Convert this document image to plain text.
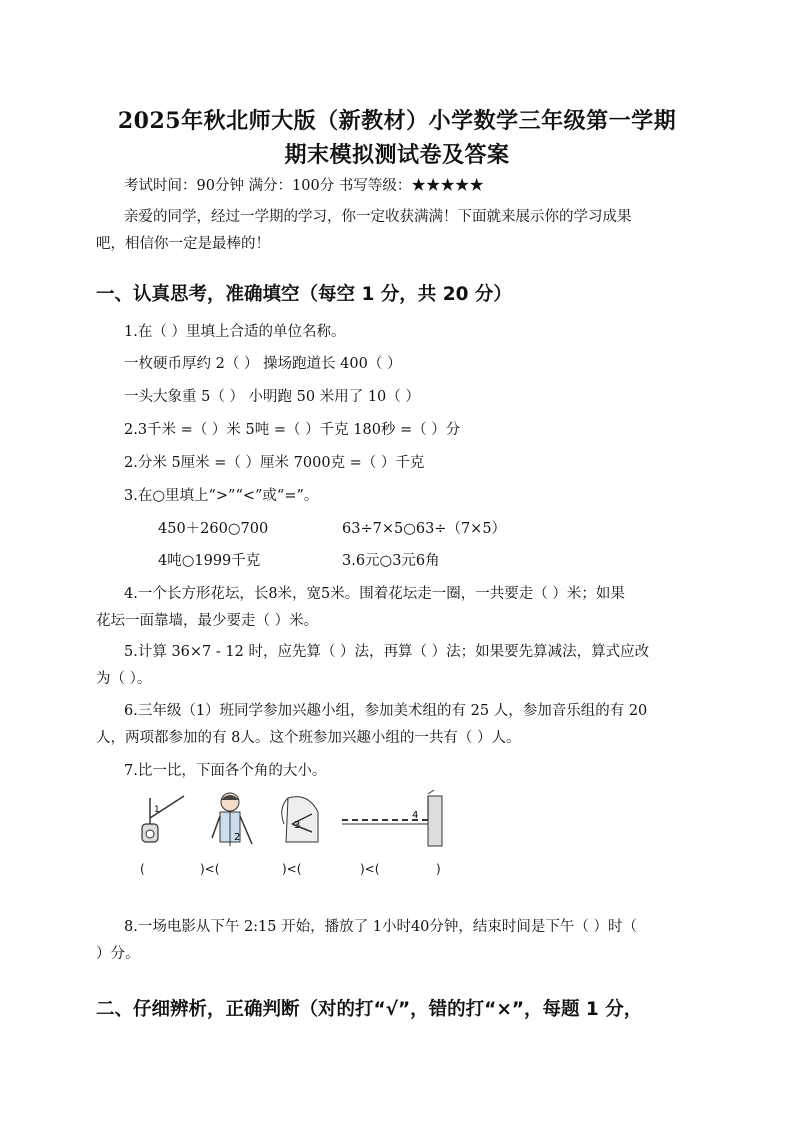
2025年秋北师大版（新教材）小学数学三年级第一学期
期末模拟测试卷及答案
考试时间：90分钟 满分：100分 书写等级：★★★★★
亲爱的同学，经过一学期的学习，你一定收获满满！下面就来展示你的学习成果
吧，相信你一定是最棒的！
一、认真思考，准确填空（每空 1 分，共 20 分）
1.在（ ）里填上合适的单位名称。
一枚硬币厚约 2（ ） 操场跑道长 400（ ）
一头大象重 5（ ） 小明跑 50 米用了 10（ ）
2.3千米 =（ ）米 5吨 =（ ）千克 180秒 =（ ）分
2.分米 5厘米 =（ ）厘米 7000克 =（ ）千克
3.在○里填上“>”“<”或“=”。
450＋260○700	63÷7×5○63÷（7×5）
4吨○1999千克	3.6元○3元6角
4.一个长方形花坛，长8米，宽5米。围着花坛走一圈，一共要走（ ）米；如果
花坛一面靠墙，最少要走（ ）米。
5.计算 36×7 - 12 时，应先算（ ）法，再算（ ）法；如果要先算减法，算式应改
为（ ）。
6.三年级（1）班同学参加兴趣小组，参加美术组的有 25 人，参加音乐组的有 20
人，两项都参加的有 8人。这个班参加兴趣小组的一共有（ ）人。
7.比一比，下面各个角的大小。
1
2
3
4
(	)<(	)<(	)<(	)
8.一场电影从下午 2:15 开始，播放了 1小时40分钟，结束时间是下午（ ）时（
）分。
二、仔细辨析，正确判断（对的打“√”，错的打“×”，每题 1 分，
